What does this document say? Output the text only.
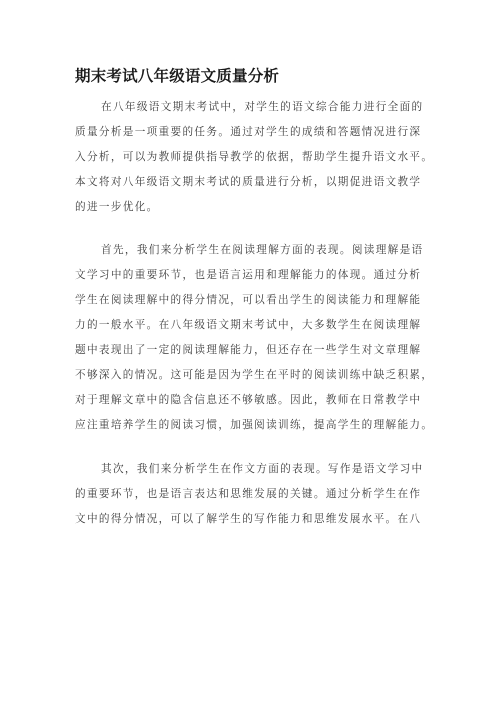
期末考试八年级语文质量分析
在八年级语文期末考试中，对学生的语文综合能力进行全面的
质量分析是一项重要的任务。通过对学生的成绩和答题情况进行深
入分析，可以为教师提供指导教学的依据，帮助学生提升语文水平。
本文将对八年级语文期末考试的质量进行分析，以期促进语文教学
的进一步优化。
首先，我们来分析学生在阅读理解方面的表现。阅读理解是语
文学习中的重要环节，也是语言运用和理解能力的体现。通过分析
学生在阅读理解中的得分情况，可以看出学生的阅读能力和理解能
力的一般水平。在八年级语文期末考试中，大多数学生在阅读理解
题中表现出了一定的阅读理解能力，但还存在一些学生对文章理解
不够深入的情况。这可能是因为学生在平时的阅读训练中缺乏积累，
对于理解文章中的隐含信息还不够敏感。因此，教师在日常教学中
应注重培养学生的阅读习惯，加强阅读训练，提高学生的理解能力。
其次，我们来分析学生在作文方面的表现。写作是语文学习中
的重要环节，也是语言表达和思维发展的关键。通过分析学生在作
文中的得分情况，可以了解学生的写作能力和思维发展水平。在八
